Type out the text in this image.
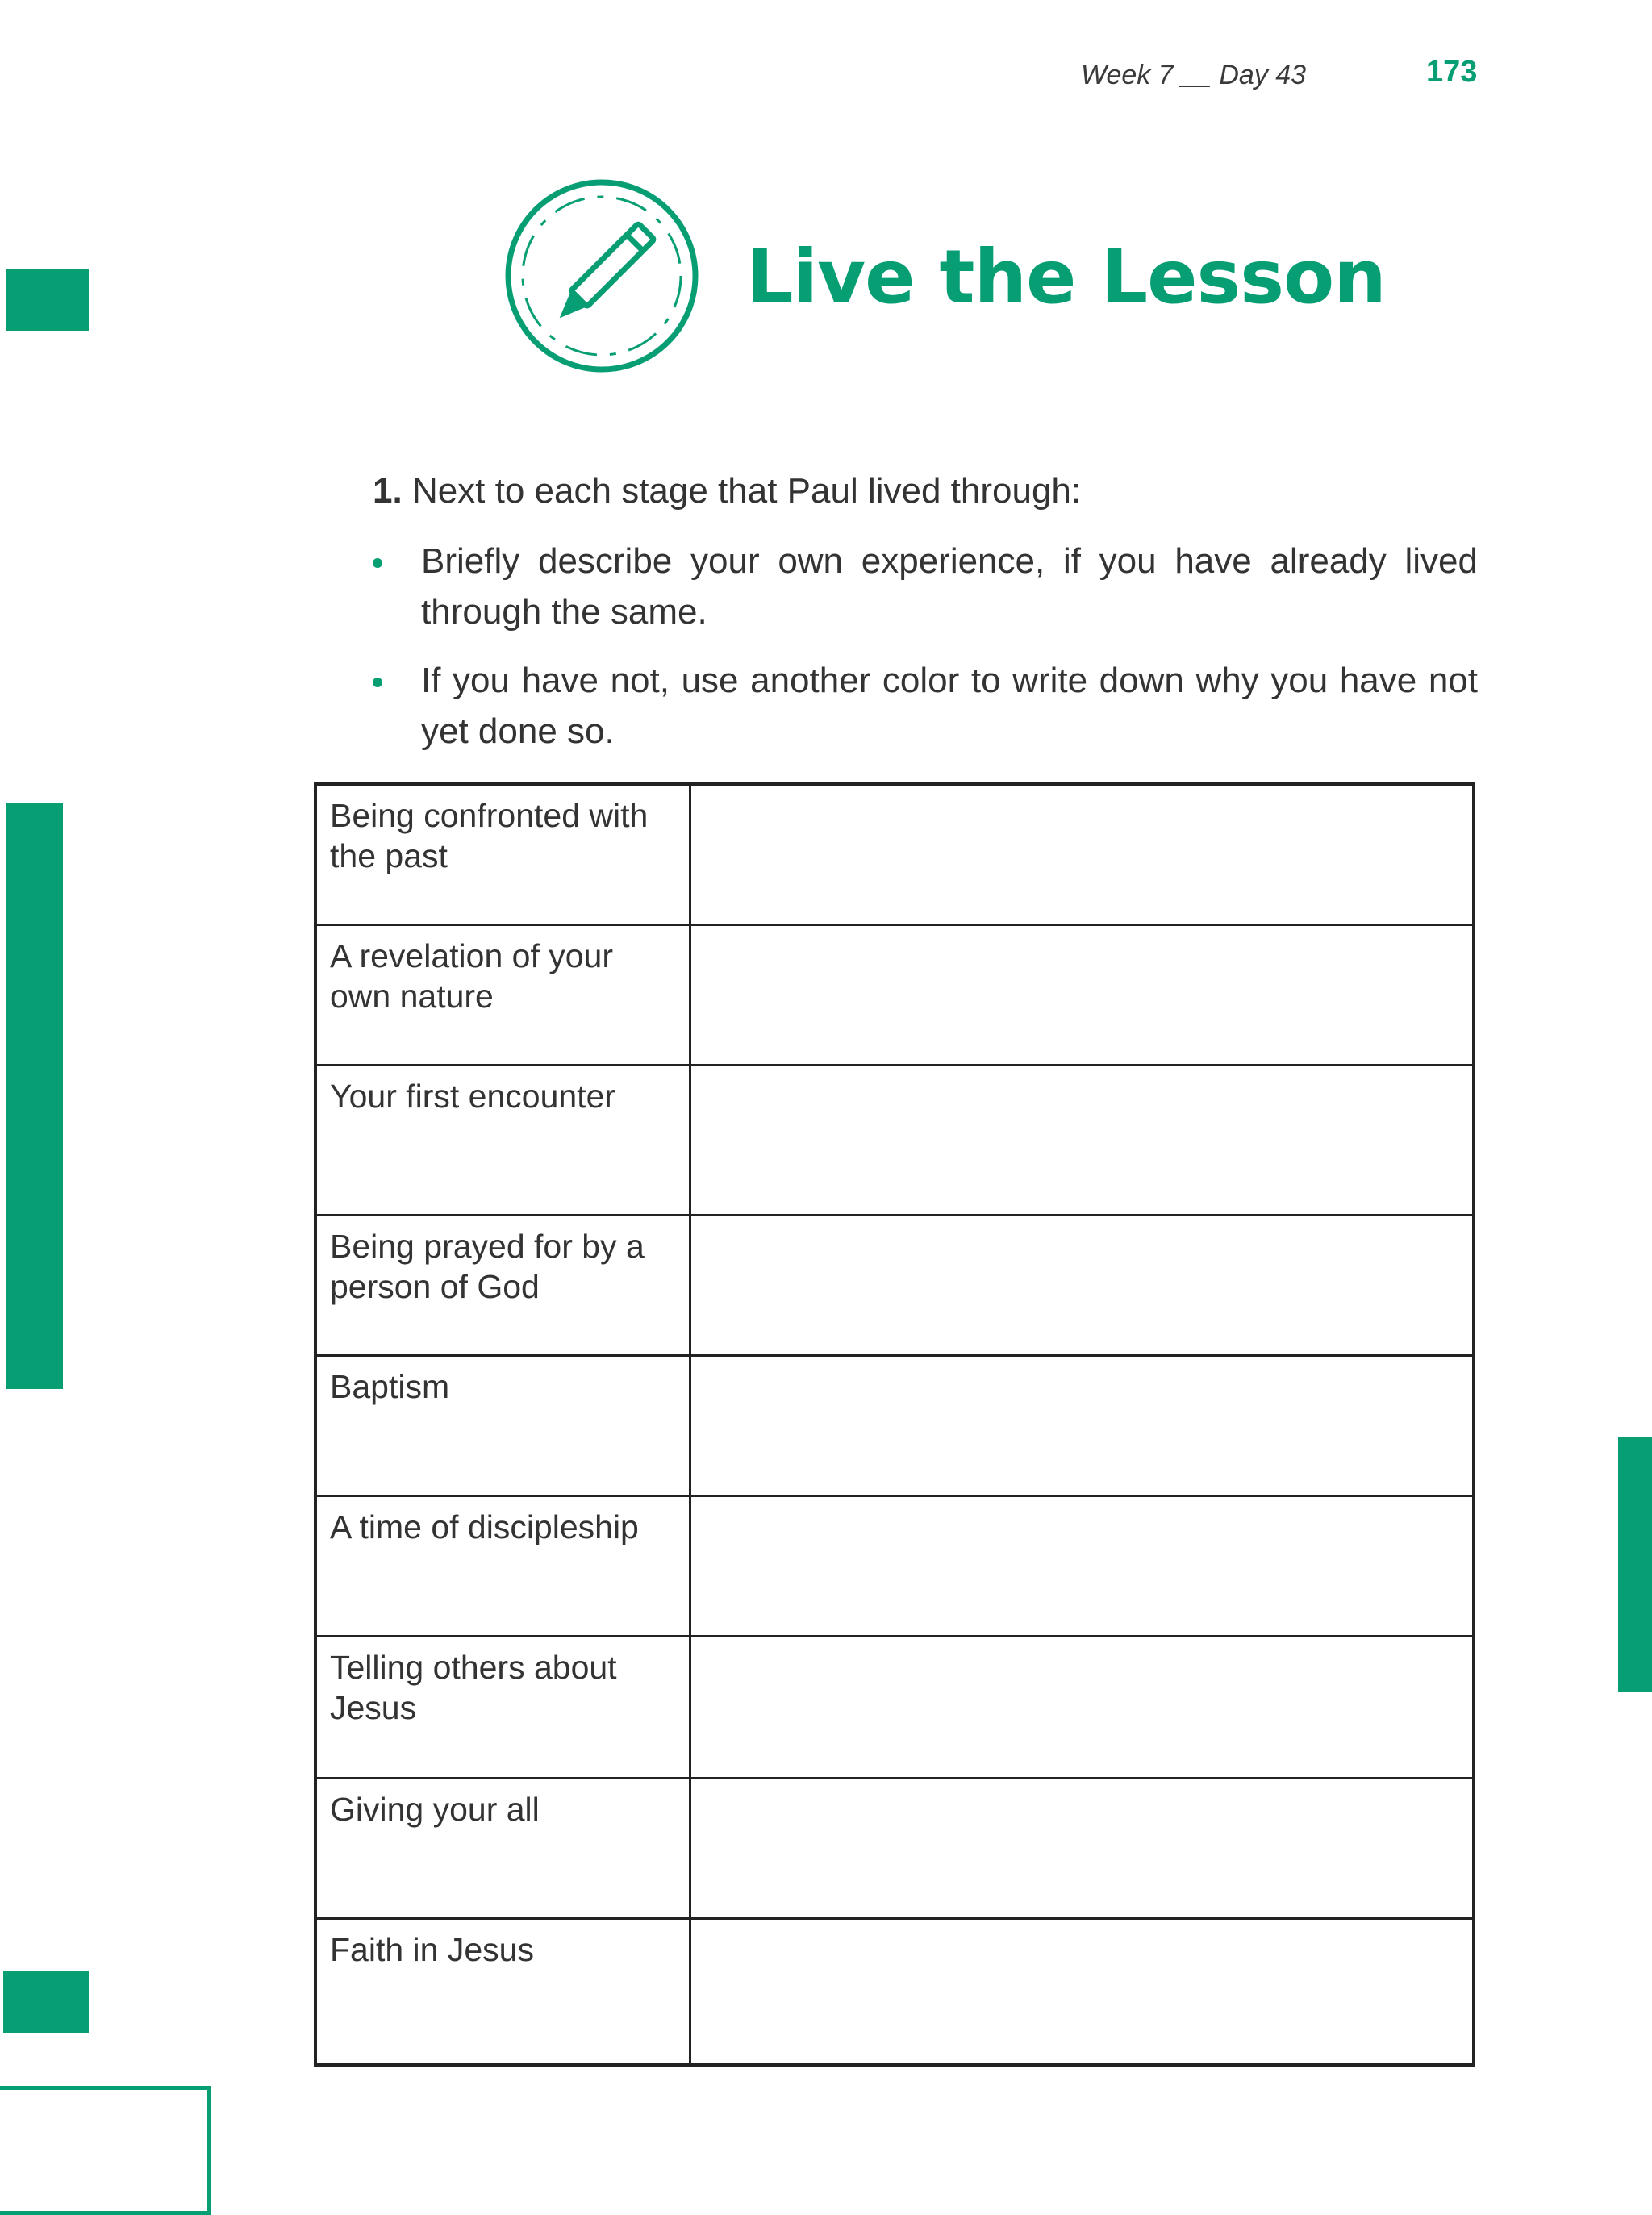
Week 7 __ Day 43	173
Live the Lesson
1. Next to each stage that Paul lived through:
Briefly describe your own experience, if you have already lived through the same.
If you have not, use another color to write down why you have not yet done so.
Being confronted with the past
A revelation of your own nature
Your first encounter
Being prayed for by a person of God
Baptism
A time of discipleship
Telling others about Jesus
Giving your all
Faith in Jesus
